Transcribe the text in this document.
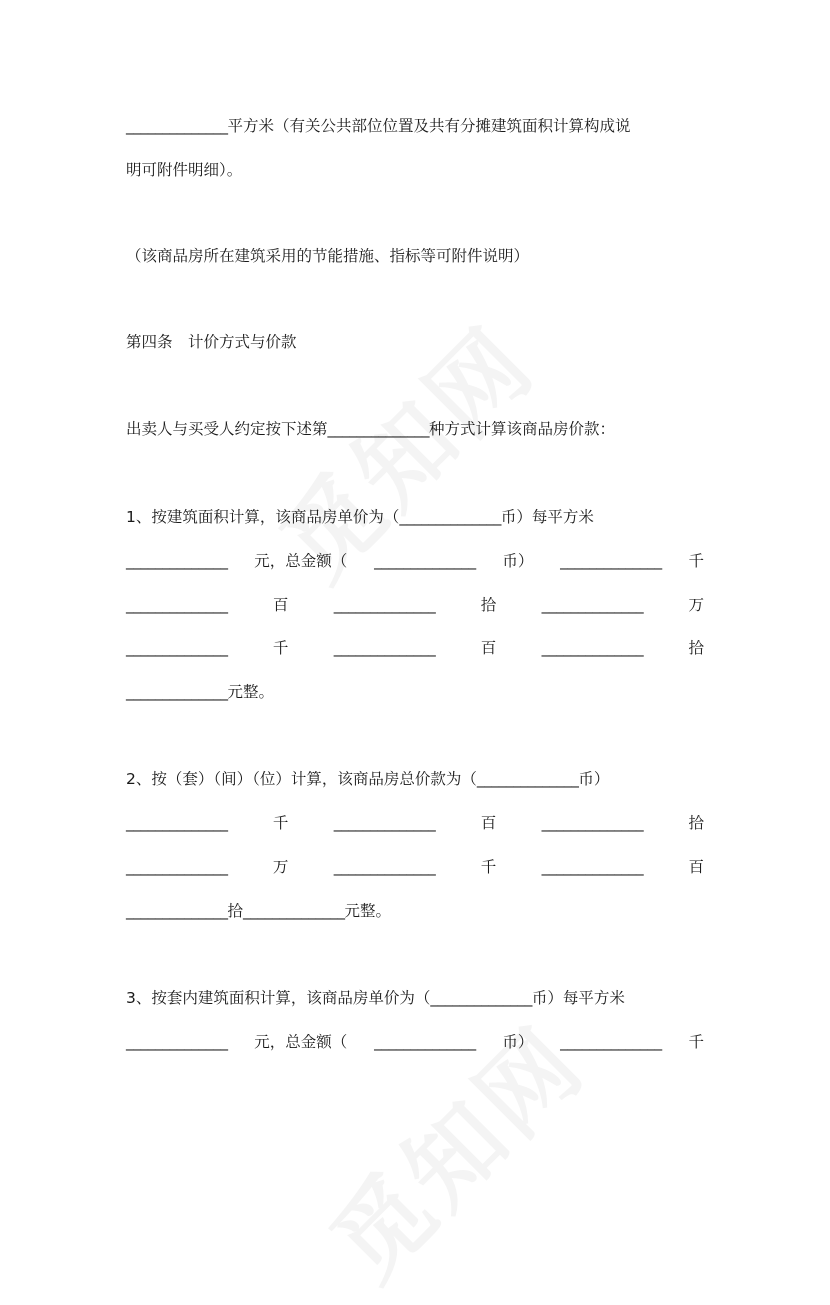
______________平方米（有关公共部位位置及共有分摊建筑面积计算构成说
明可附件明细）。
（该商品房所在建筑采用的节能措施、指标等可附件说明）
第四条　计价方式与价款
出卖人与买受人约定按下述第______________种方式计算该商品房价款：
1、按建筑面积计算，该商品房单价为（______________币）每平方米
______________ 元，总金额（ ______________ 币） ______________ 千
______________	百	______________	拾	______________	万
______________	千	______________	百	______________	拾
______________元整。
2、按（套）（间）（位）计算，该商品房总价款为（______________币）
______________	千	______________	百	______________	拾
______________	万	______________	千	______________	百
______________拾______________元整。
3、按套内建筑面积计算，该商品房单价为（______________币）每平方米
______________ 元，总金额（ ______________ 币） ______________ 千
